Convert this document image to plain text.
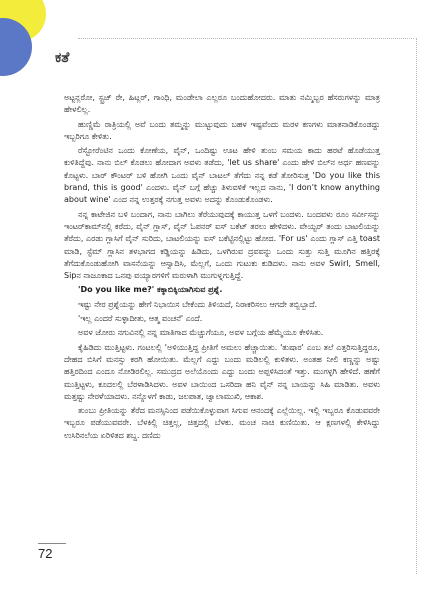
ಕತೆ

ಅಟ್ಟನ್ಲರೋ, ಸ್ಟ್ರಜ್‌ ರೇ, ಹಿಟ್ಲರ್, ಗಾಂಧಿ, ಮಂಡೇಲಾ ಎಲ್ಲರೂ ಬಂದುಹೋದರು. ಮಾತು ನಮ್ಮಿಬ್ಬರ ಹೆಸರುಗಳನ್ನು ಮಾತ್ರ ಹೇಳಲಿಲ್ಲ.

ಹುಣ್ಣಿಮೆ ರಾತ್ರಿಯಲ್ಲಿ ಅವೆ ಬಂದು ತಮ್ಮನ್ನು ಮುಟ್ಟುವುದು ಬಹಳ ಇಷ್ಟವೆಂದು ಮರಳ ಕಣಗಳು ಮಾತನಾಡಿಕೊಂಡದ್ದು ಇಬ್ಬರಿಗೂ ಕೇಳಿತು.

ರೆಸ್ಟೋರೆಂಟಿನ ಒಂದು ಕೋಣೆಯ, ವೈನ್, ಒಂದಿಷ್ಟು ಊಟ ಹೇಳಿ ತುಂಬ ಸಮಯ ಕಾದು ಹರಟೆ ಹೊಡೆಯುತ್ತ ಕುಳಿತಿದ್ದೆವು. ನಾನು ಬಿಲ್ ಕೊಡಲು ಹೋದಾಗ ಅವಳು ತಡೆದು, 'let us share' ಎಂದು ಹೇಳಿ ಬಿಲ್‌ನ ಅರ್ಧ ಹಣವನ್ನು ಕೊಟ್ಟಳು. ಬಾರ್ ಕೌಂಟರ್ ಬಳಿ ಹೋಗಿ ಒಂದು ವೈನ್ ಬಾಟಲ್ ತೆಗೆದು ನನ್ನ ಕಡೆ ತೋರಿಸುತ್ತ 'Do you like this brand, this is good' ಎಂದಳು. ವೈನ್ ಬಗ್ಗೆ ಹೆಚ್ಚು ತಿಳುವಳಿಕೆ ಇಲ್ಲದ ನಾನು, 'I don't know anything about wine' ಎಂದ ನನ್ನ ಉತ್ತರಕ್ಕೆ ನಗುತ್ತ ಅವಳು ಅದನ್ನು ಕೊಂಡುಕೊಂಡಳು.

ನನ್ನ ಕಾಟೇಜಿನ ಬಳಿ ಬಂದಾಗ, ನಾನು ಬಾಗಿಲು ತೆರೆಯುವುದಕ್ಕೆ ಕಾಯುತ್ತ ಒಳಗೆ ಬಂದಳು. ಬಂದವಳು ರೂಂ ಸರ್ವೀಸನ್ನು ಇಂಟರ್‌ಕಾಮ್‌ನಲ್ಲಿ ಕರೆದು, ವೈನ್ ಗ್ಲಾಸ್, ವೈನ್ ಓಪನರ್ ಐಸ್ ಬಕೆಟ್ ತರಲು ಹೇಳಿದಳು. ವೇಯ್ಟರ್ ತಂದು ಬಾಟಲಿಯನ್ನು ತೆರೆದು, ಎರಡು ಗ್ಲಾಸಿಗೆ ವೈನ್ ಸುರಿದು, ಬಾಟಲಿಯನ್ನು ಐಸ್ ಬಕೆಟ್ಟಿನಲ್ಲಿಟ್ಟು ಹೋದ. 'For us' ಎಂದು ಗ್ಲಾಸ್ ಎತ್ತಿ toast ಮಾಡಿ, ಸ್ಟೆಮ್ ಗ್ಲಾಸಿನ ತಳಭಾಗದ ಕಡ್ಡಿಯನ್ನು ಹಿಡಿದು, ಒಳಗಿರುವ ದ್ರವವನ್ನು ಒಂದು ಸುತ್ತು ಸುತ್ತಿ ಮೂಗಿನ ಹತ್ತಿರಕ್ಕೆ ತೆಗೆದುಕೊಂಡುಹೋಗಿ ವಾಸನೆಯನ್ನು ಆಸ್ವಾದಿಸಿ, ಮೆಲ್ಲಗೆ, ಒಂದು ಗುಟುಕು ಕುಡಿದಳು. ನಾನು ಅವಳ Swirl, Smell, Sipನ ನಾಜೂಕಾದ ಒನಪು ವಯ್ಯಾರಗಳಿಗೆ ಮರುಳಾಗಿ ಮುಗುಳ್ನಗುತ್ತಿದ್ದೆ.

'Do you like me?' ಕಕ್ಕಾಬಿಕ್ಕಿಯಾಗಿಸುವ ಪ್ರಶ್ನೆ.

ಇಷ್ಟು ನೇರ ಪ್ರಶ್ನೆಯನ್ನು ಹೇಗೆ ನಿಭಾಯಿಸ ಬೇಕೆಂದು ತಿಳಿಯದೆ, ನಿರಾಕರಿಸಲು ಆಗದೇ ತಬ್ಬಿಬ್ಬಾದೆ.

'ಇಲ್ಲ ಎಂದರೆ ಸುಳ್ಳಾದೀತು, ಆತ್ಮ ವಂಚನೆ' ಎಂದೆ.

ಅವಳ ಜೋರು ನಗುವಿನಲ್ಲಿ ನನ್ನ ಮಾತಿಗಾದ ಮೆಚ್ಚುಗೆಯೂ, ಅವಳ ಬಗ್ಗೆಯ ಹೆಮ್ಮೆಯೂ ಕೇಳಿಸಿತು.

ಕೈಹಿಡಿದು ಮುತ್ತಿಟ್ಟಳು. ಗಂಟಲಲ್ಲಿ 'ಅಳಿಯುತ್ತಿದ್ದ ಪ್ರೀತಿಗೆ ಅಮಲು ಹೆಚ್ಚಾಯಿತು. 'ತುಷಾರ' ಎಂಬ ತಲೆ ಎತ್ತರಿಸುತ್ತಿದ್ದರೂ, ದೇಹದ ಬಿಸಿಗೆ ಮನಸ್ಸು ಕರಗಿ ಹೋಯಿತು. ಮೆಲ್ಲಗೆ ಎದ್ದು ಬಂದು ಮಡಿಲಲ್ಲಿ ಕುಳಿತಳು. ಅಂತಹ ನೀಲಿ ಕಣ್ಣನ್ನು ಅಷ್ಟು ಹತ್ತಿರದಿಂದ ಎಂದೂ ನೋಡಿರಲಿಲ್ಲ. ಸಮುದ್ರದ ಅಲೆಯೊಂದು ಎದ್ದು ಬಂದು ಅಪ್ಪಳಿಸಿದಂತೆ ಇತ್ತು. ಮುಗಳ್ಳಗಿ ಹೇಳಿದೆ. ಹಣೆಗೆ ಮುತ್ತಿಟ್ಟಳು, ಕೂದಲಲ್ಲಿ ಬೆರಳಾಡಿಸಿದಳು. ಅವಳ ಬಾಯಿಂದ ಒಸರಿದಾ ಹನಿ ವೈನ್ ನನ್ನ ಬಾಯನ್ನು ಸಿಹಿ ಮಾಡಿತು. ಅವಳು ಮತ್ತಷ್ಟು ನೇರಳೆಯಾದಳು. ನನ್ನೊಳಗೆ ಕಾಡು, ಜಲಪಾತ, ಜ್ವಾಲಾಮುಖಿ, ಆಕಾಶ.

ತುಂಬು ಪ್ರೀತಿಯನ್ನು ತೆರೆದ ಮನಸ್ಸಿನಿಂದ ಪಡೆಯಿಕೊಳ್ಳುವಾಗ ಸಿಗುವ ಆನಂದಕ್ಕೆ ಎಲ್ಲೆಯಿಲ್ಲ. ಇಲ್ಲಿ ಇಬ್ಬರೂ ಕೊಡುವವರೇ ಇಬ್ಬರೂ ಪಡೆಯುವವರೇ. ಬೆಳಕಿಲ್ಲಿ ಚಿತ್ತಲ್ಲ, ಚಿತ್ತದಲ್ಲಿ ಬೆಳಕು. ಮಂಚ ನಾಚಿ ಕುಣಿಯಿತು. ಆ ಕ್ಷಣಗಳಲ್ಲಿ ಕೇಳಿಸಿದ್ದು ಉಸಿರಿನಲೆಯ ಏರಿಳಿತದ ಶಬ್ದ. ದಣಿದು

72
